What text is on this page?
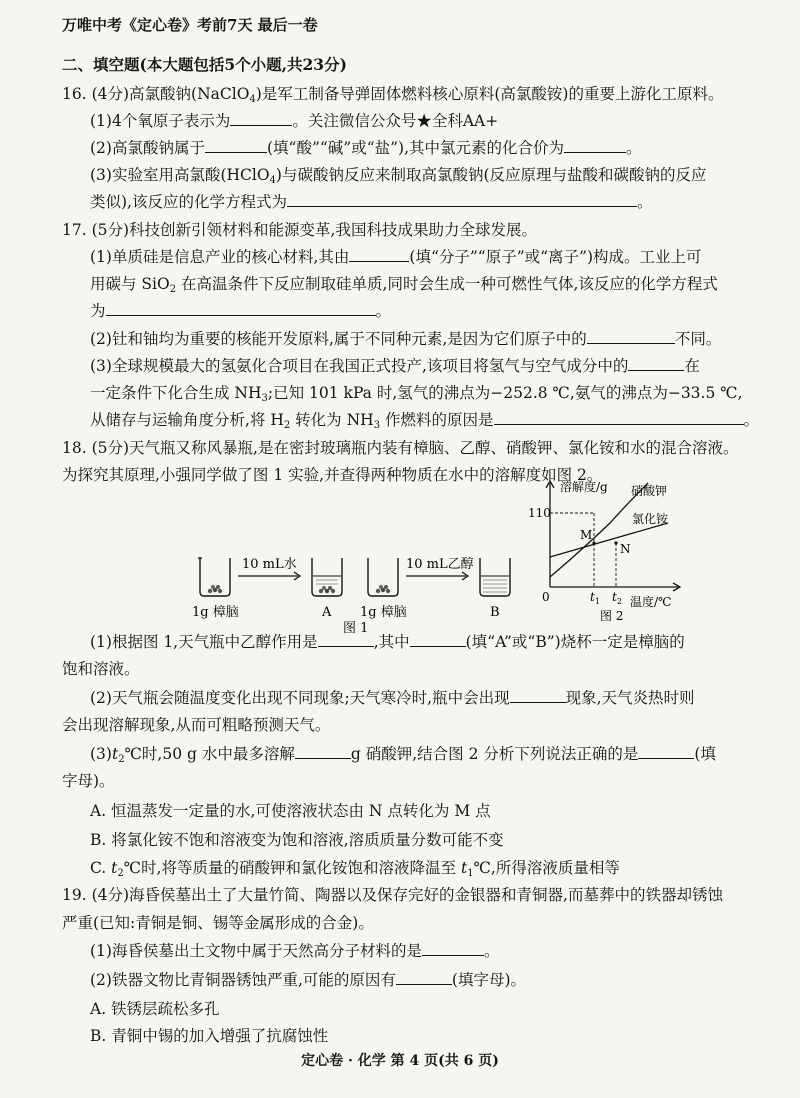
万唯中考《定心卷》考前7天 最后一卷
二、填空题(本大题包括5个小题,共23分)
16. (4分)高氯酸钠(NaClO$_4$)是军工制备导弹固体燃料核心原料(高氯酸铵)的重要上游化工原料。
(1)4个氧原子表示为	。关注微信公众号★全科AA+
(2)高氯酸钠属于	(填“酸”“碱”或“盐”),其中氯元素的化合价为	。
(3)实验室用高氯酸(HClO$_4$)与碳酸钠反应来制取高氯酸钠(反应原理与盐酸和碳酸钠的反应
类似),该反应的化学方程式为	。
17. (5分)科技创新引领材料和能源变革,我国科技成果助力全球发展。
(1)单质硅是信息产业的核心材料,其由	(填“分子”“原子”或“离子”)构成。工业上可
用碳与 SiO$_2$ 在高温条件下反应制取硅单质,同时会生成一种可燃性气体,该反应的化学方程式
为	。
(2)钍和铀均为重要的核能开发原料,属于不同种元素,是因为它们原子中的	不同。
(3)全球规模最大的氢氨化合项目在我国正式投产,该项目将氢气与空气成分中的	在
一定条件下化合生成 $NH_3$;已知 101 kPa 时,氢气的沸点为−252.8 ℃,氨气的沸点为−33.5 ℃,
从储存与运输角度分析,将 $H_2$ 转化为 $NH_3$ 作燃料的原因是	。
18. (5分)天气瓶又称风暴瓶,是在密封玻璃瓶内装有樟脑、乙醇、硝酸钾、氯化铵和水的混合溶液。
为探究其原理,小强同学做了图 1 实验,并查得两种物质在水中的溶解度如图 2。
10 mL水	10 mL乙醇
1g 樟脑	A 1g 樟脑	B
图 1
溶解度/g
110
硝酸钾
氯化铵
M
N
0	$t_1$ $t_2$ 温度/℃
图 2
(1)根据图 1,天气瓶中乙醇作用是	,其中	(填“A”或“B”)烧杯一定是樟脑的
饱和溶液。
(2)天气瓶会随温度变化出现不同现象;天气寒冷时,瓶中会出现	现象,天气炎热时则
会出现溶解现象,从而可粗略预测天气。
$(3)t_2℃$时,50 g 水中最多溶解	g 硝酸钾,结合图 2 分析下列说法正确的是	(填
字母)。
A. 恒温蒸发一定量的水,可使溶液状态由 N 点转化为 M 点
B. 将氯化铵不饱和溶液变为饱和溶液,溶质质量分数可能不变
C. $t_2℃$时,将等质量的硝酸钾和氯化铵饱和溶液降温至 $t_1℃$,所得溶液质量相等
19. (4分)海昏侯墓出土了大量竹简、陶器以及保存完好的金银器和青铜器,而墓葬中的铁器却锈蚀
严重(已知:青铜是铜、锡等金属形成的合金)。
(1)海昏侯墓出土文物中属于天然高分子材料的是	。
(2)铁器文物比青铜器锈蚀严重,可能的原因有	(填字母)。
A. 铁锈层疏松多孔
B. 青铜中锡的加入增强了抗腐蚀性
定心卷 · 化学 第 4 页(共 6 页)
